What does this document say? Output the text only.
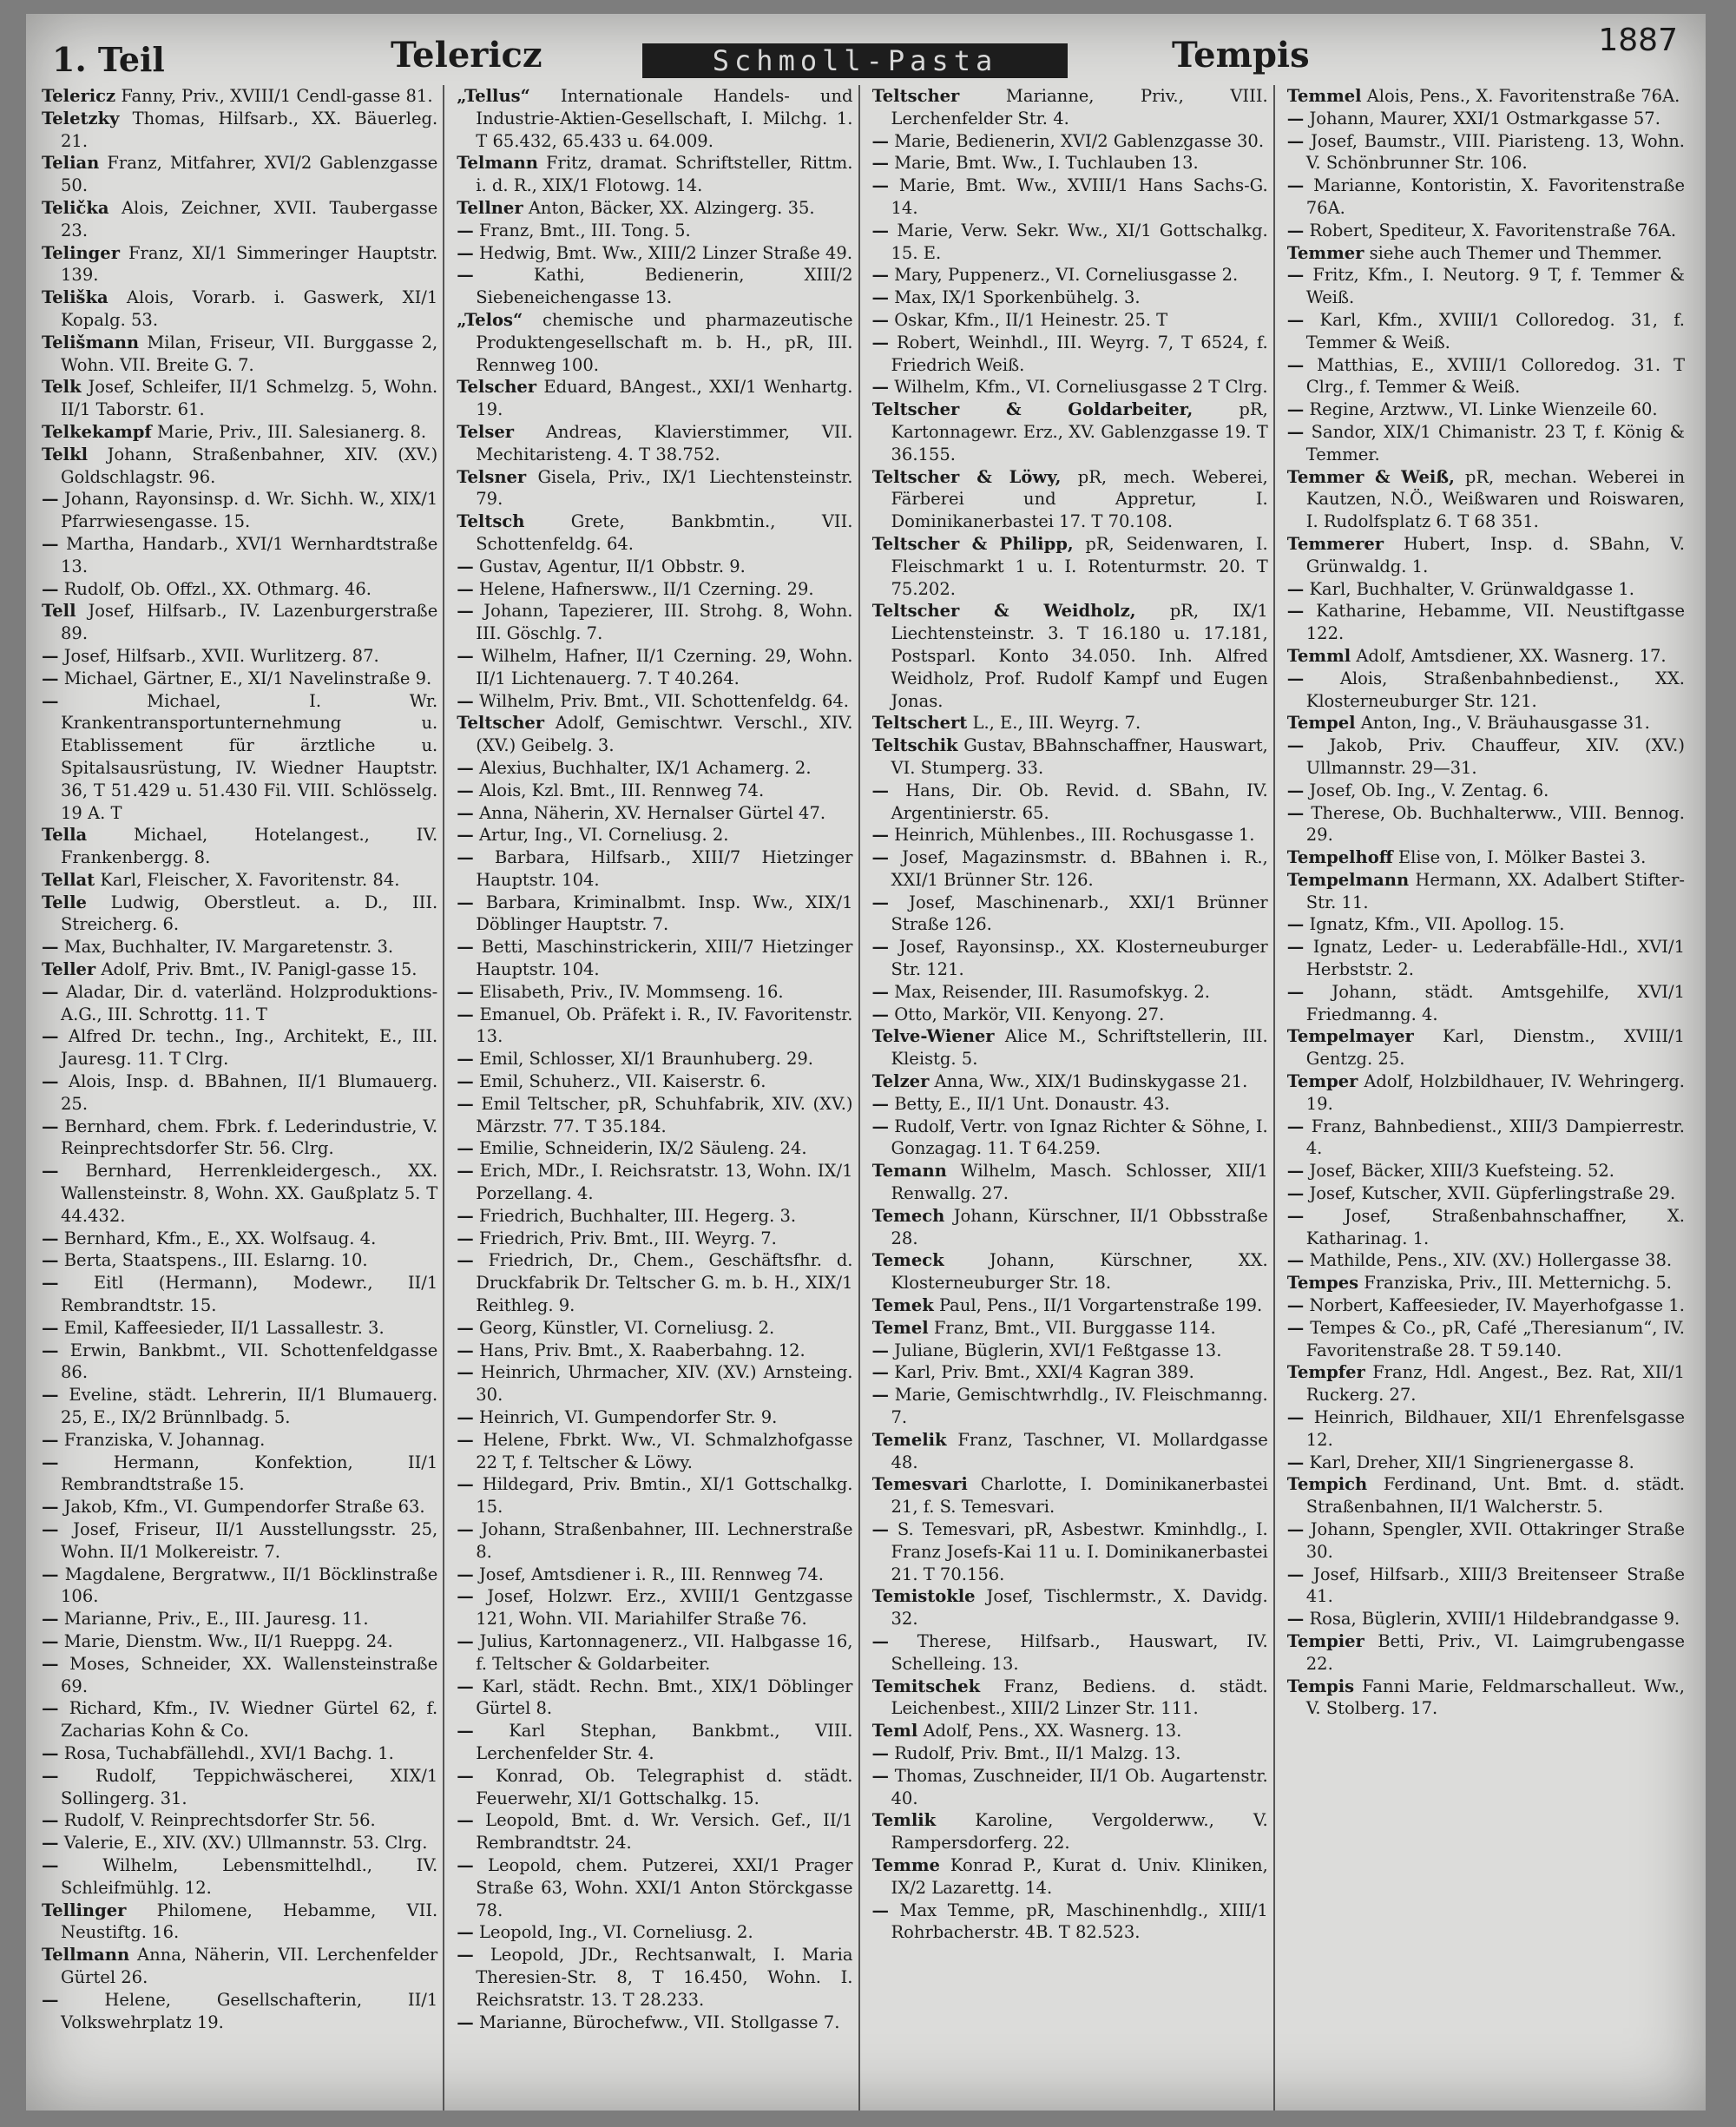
1. Teil	Telericz	Schmoll-Pasta	Tempis	1887
Telericz Fanny, Priv., XVIII/1 Cendl-gasse 81.
Teletzky Thomas, Hilfsarb., XX. Bäuerleg. 21.
Telian Franz, Mitfahrer, XVI/2 Gablenzgasse 50.
Telička Alois, Zeichner, XVII. Taubergasse 23.
Telinger Franz, XI/1 Simmeringer Hauptstr. 139.
Teliška Alois, Vorarb. i. Gaswerk, XI/1 Kopalg. 53.
Telišmann Milan, Friseur, VII. Burggasse 2, Wohn. VII. Breite G. 7.
Telk Josef, Schleifer, II/1 Schmelzg. 5, Wohn. II/1 Taborstr. 61.
Telkekampf Marie, Priv., III. Salesianerg. 8.
Telkl Johann, Straßenbahner, XIV. (XV.) Goldschlagstr. 96.
— Johann, Rayonsinsp. d. Wr. Sichh. W., XIX/1 Pfarrwiesengasse. 15.
— Martha, Handarb., XVI/1 Wernhardtstraße 13.
— Rudolf, Ob. Offzl., XX. Othmarg. 46.
Tell Josef, Hilfsarb., IV. Lazenburgerstraße 89.
— Josef, Hilfsarb., XVII. Wurlitzerg. 87.
— Michael, Gärtner, E., XI/1 Navelinstraße 9.
—	Michael, I. Wr. Krankentransportunternehmung u. Etablissement für ärztliche u. Spitalsausrüstung, IV. Wiedner Hauptstr. 36, T 51.429 u. 51.430 Fil. VIII. Schlösselg. 19 A. T
Tella	Michael, Hotelangest., IV. Frankenbergg. 8.
Tellat Karl, Fleischer, X. Favoritenstr. 84.
Telle Ludwig, Oberstleut. a. D., III. Streicherg. 6.
— Max, Buchhalter, IV. Margaretenstr. 3.
Teller Adolf, Priv. Bmt., IV. Panigl-gasse 15.
— Aladar, Dir. d. vaterländ. Holzproduktions-A.G., III. Schrottg. 11. T
— Alfred Dr. techn., Ing., Architekt, E., III. Jauresg. 11. T Clrg.
— Alois, Insp. d. BBahnen, II/1 Blumauerg. 25.
— Bernhard, chem. Fbrk. f. Lederindustrie, V. Reinprechtsdorfer Str. 56. Clrg.
— Bernhard, Herrenkleidergesch., XX. Wallensteinstr. 8, Wohn. XX. Gaußplatz 5. T 44.432.
— Bernhard, Kfm., E., XX. Wolfsaug. 4.
— Berta, Staatspens., III. Eslarng. 10.
— Eitl (Hermann), Modewr., II/1 Rembrandtstr. 15.
— Emil, Kaffeesieder, II/1 Lassallestr. 3.
— Erwin, Bankbmt., VII. Schottenfeldgasse 86.
— Eveline, städt. Lehrerin, II/1 Blumauerg. 25, E., IX/2 Brünnlbadg. 5.
— Franziska, V. Johannag.
—	Hermann, Konfektion, II/1 Rembrandtstraße 15.
— Jakob, Kfm., VI. Gumpendorfer Straße 63.
— Josef, Friseur, II/1 Ausstellungsstr. 25, Wohn. II/1 Molkereistr. 7.
— Magdalene, Bergratww., II/1 Böcklinstraße 106.
— Marianne, Priv., E., III. Jauresg. 11.
— Marie, Dienstm. Ww., II/1 Rueppg. 24.
— Moses, Schneider, XX. Wallensteinstraße 69.
— Richard, Kfm., IV. Wiedner Gürtel 62, f. Zacharias Kohn & Co.
— Rosa, Tuchabfällehdl., XVI/1 Bachg. 1.
— Rudolf, Teppichwäscherei, XIX/1 Sollingerg. 31.
— Rudolf, V. Reinprechtsdorfer Str. 56.
— Valerie, E., XIV. (XV.) Ullmannstr. 53. Clrg.
—	Wilhelm, Lebensmittelhdl., IV. Schleifmühlg. 12.
Tellinger Philomene, Hebamme, VII. Neustiftg. 16.
Tellmann Anna, Näherin, VII. Lerchenfelder Gürtel 26.
—	Helene, Gesellschafterin, II/1 Volkswehrplatz 19.
„Tellus“ Internationale Handels- und Industrie-Aktien-Gesellschaft, I. Milchg. 1. T 65.432, 65.433 u. 64.009.
Telmann Fritz, dramat. Schriftsteller, Rittm. i. d. R., XIX/1 Flotowg. 14.
Tellner Anton, Bäcker, XX. Alzingerg. 35.
— Franz, Bmt., III. Tong. 5.
— Hedwig, Bmt. Ww., XIII/2 Linzer Straße 49.
—	Kathi, Bedienerin, XIII/2 Siebeneichengasse 13.
„Telos“ chemische und pharmazeutische Produktengesellschaft m. b. H., pR, III. Rennweg 100.
Telscher Eduard, BAngest., XXI/1 Wenhartg. 19.
Telser Andreas, Klavierstimmer, VII. Mechitaristeng. 4. T 38.752.
Telsner Gisela, Priv., IX/1 Liechtensteinstr. 79.
Teltsch	Grete, Bankbmtin., VII. Schottenfeldg. 64.
— Gustav, Agentur, II/1 Obbstr. 9.
— Helene, Hafnersww., II/1 Czerning. 29.
— Johann, Tapezierer, III. Strohg. 8, Wohn. III. Göschlg. 7.
— Wilhelm, Hafner, II/1 Czerning. 29, Wohn. II/1 Lichtenauerg. 7. T 40.264.
— Wilhelm, Priv. Bmt., VII. Schottenfeldg. 64.
Teltscher Adolf, Gemischtwr. Verschl., XIV. (XV.) Geibelg. 3.
— Alexius, Buchhalter, IX/1 Achamerg. 2.
— Alois, Kzl. Bmt., III. Rennweg 74.
— Anna, Näherin, XV. Hernalser Gürtel 47.
— Artur, Ing., VI. Corneliusg. 2.
— Barbara, Hilfsarb., XIII/7 Hietzinger Hauptstr. 104.
— Barbara, Kriminalbmt. Insp. Ww., XIX/1 Döblinger Hauptstr. 7.
— Betti, Maschinstrickerin, XIII/7 Hietzinger Hauptstr. 104.
— Elisabeth, Priv., IV. Mommseng. 16.
— Emanuel, Ob. Präfekt i. R., IV. Favoritenstr. 13.
— Emil, Schlosser, XI/1 Braunhuberg. 29.
— Emil, Schuherz., VII. Kaiserstr. 6.
— Emil Teltscher, pR, Schuhfabrik, XIV. (XV.) Märzstr. 77. T 35.184.
— Emilie, Schneiderin, IX/2 Säuleng. 24.
— Erich, MDr., I. Reichsratstr. 13, Wohn. IX/1 Porzellang. 4.
— Friedrich, Buchhalter, III. Hegerg. 3.
— Friedrich, Priv. Bmt., III. Weyrg. 7.
— Friedrich, Dr., Chem., Geschäftsfhr. d. Druckfabrik Dr. Teltscher G. m. b. H., XIX/1 Reithleg. 9.
— Georg, Künstler, VI. Corneliusg. 2.
— Hans, Priv. Bmt., X. Raaberbahng. 12.
— Heinrich, Uhrmacher, XIV. (XV.) Arnsteing. 30.
— Heinrich, VI. Gumpendorfer Str. 9.
— Helene, Fbrkt. Ww., VI. Schmalzhofgasse 22 T, f. Teltscher & Löwy.
— Hildegard, Priv. Bmtin., XI/1 Gottschalkg. 15.
— Johann, Straßenbahner, III. Lechnerstraße 8.
— Josef, Amtsdiener i. R., III. Rennweg 74.
— Josef, Holzwr. Erz., XVIII/1 Gentzgasse 121, Wohn. VII. Mariahilfer Straße 76.
— Julius, Kartonnagenerz., VII. Halbgasse 16, f. Teltscher & Goldarbeiter.
— Karl, städt. Rechn. Bmt., XIX/1 Döblinger Gürtel 8.
— Karl Stephan, Bankbmt., VIII. Lerchenfelder Str. 4.
— Konrad, Ob. Telegraphist d. städt. Feuerwehr, XI/1 Gottschalkg. 15.
— Leopold, Bmt. d. Wr. Versich. Gef., II/1 Rembrandtstr. 24.
— Leopold, chem. Putzerei, XXI/1 Prager Straße 63, Wohn. XXI/1 Anton Störckgasse 78.
— Leopold, Ing., VI. Corneliusg. 2.
— Leopold, JDr., Rechtsanwalt, I. Maria Theresien-Str. 8, T 16.450, Wohn. I. Reichsratstr. 13. T 28.233.
— Marianne, Bürochefww., VII. Stollgasse 7.
Teltscher	Marianne, Priv., VIII. Lerchenfelder Str. 4.
— Marie, Bedienerin, XVI/2 Gablenzgasse 30.
— Marie, Bmt. Ww., I. Tuchlauben 13.
— Marie, Bmt. Ww., XVIII/1 Hans Sachs-G. 14.
— Marie, Verw. Sekr. Ww., XI/1 Gottschalkg. 15. E.
— Mary, Puppenerz., VI. Corneliusgasse 2.
— Max, IX/1 Sporkenbühelg. 3.
— Oskar, Kfm., II/1 Heinestr. 25. T
— Robert, Weinhdl., III. Weyrg. 7, T 6524, f. Friedrich Weiß.
— Wilhelm, Kfm., VI. Corneliusgasse 2 T Clrg.
Teltscher & Goldarbeiter,	pR, Kartonnagewr. Erz., XV. Gablenzgasse 19. T 36.155.
Teltscher & Löwy, pR, mech. Weberei, Färberei und Appretur, I. Dominikanerbastei 17. T 70.108.
Teltscher & Philipp, pR, Seidenwaren, I. Fleischmarkt 1 u. I. Rotenturmstr. 20. T 75.202.
Teltscher & Weidholz, pR, IX/1 Liechtensteinstr. 3. T 16.180 u. 17.181, Postsparl. Konto 34.050. Inh. Alfred Weidholz, Prof. Rudolf Kampf und Eugen Jonas.
Teltschert L., E., III. Weyrg. 7.
Teltschik Gustav, BBahnschaffner, Hauswart, VI. Stumperg. 33.
— Hans, Dir. Ob. Revid. d. SBahn, IV. Argentinierstr. 65.
— Heinrich, Mühlenbes., III. Rochusgasse 1.
— Josef, Magazinsmstr. d. BBahnen i. R., XXI/1 Brünner Str. 126.
— Josef, Maschinenarb., XXI/1 Brünner Straße 126.
— Josef, Rayonsinsp., XX. Klosterneuburger Str. 121.
— Max, Reisender, III. Rasumofskyg. 2.
— Otto, Markör, VII. Kenyong. 27.
Telve-Wiener Alice M., Schriftstellerin, III. Kleistg. 5.
Telzer Anna, Ww., XIX/1 Budinskygasse 21.
— Betty, E., II/1 Unt. Donaustr. 43.
— Rudolf, Vertr. von Ignaz Richter & Söhne, I. Gonzagag. 11. T 64.259.
Temann Wilhelm, Masch. Schlosser, XII/1 Renwallg. 27.
Temech Johann, Kürschner, II/1 Obbsstraße 28.
Temeck	Johann, Kürschner, XX. Klosterneuburger Str. 18.
Temek Paul, Pens., II/1 Vorgartenstraße 199.
Temel Franz, Bmt., VII. Burggasse 114.
— Juliane, Büglerin, XVI/1 Feßtgasse 13.
— Karl, Priv. Bmt., XXI/4 Kagran 389.
— Marie, Gemischtwrhdlg., IV. Fleischmanng. 7.
Temelik Franz, Taschner, VI. Mollardgasse 48.
Temesvari Charlotte, I. Dominikanerbastei 21, f. S. Temesvari.
— S. Temesvari, pR, Asbestwr. Kminhdlg., I. Franz Josefs-Kai 11 u. I. Dominikanerbastei 21. T 70.156.
Temistokle Josef, Tischlermstr., X. Davidg. 32.
— Therese, Hilfsarb., Hauswart, IV. Schelleing. 13.
Temitschek Franz, Bediens. d. städt. Leichenbest., XIII/2 Linzer Str. 111.
Teml Adolf, Pens., XX. Wasnerg. 13.
— Rudolf, Priv. Bmt., II/1 Malzg. 13.
— Thomas, Zuschneider, II/1 Ob. Augartenstr. 40.
Temlik Karoline, Vergolderww., V. Rampersdorferg. 22.
Temme Konrad P., Kurat d. Univ. Kliniken, IX/2 Lazarettg. 14.
— Max Temme, pR, Maschinenhdlg., XIII/1 Rohrbacherstr. 4B. T 82.523.
Temmel Alois, Pens., X. Favoritenstraße 76A.
— Johann, Maurer, XXI/1 Ostmarkgasse 57.
— Josef, Baumstr., VIII. Piaristeng. 13, Wohn. V. Schönbrunner Str. 106.
— Marianne, Kontoristin, X. Favoritenstraße 76A.
— Robert, Spediteur, X. Favoritenstraße 76A.
Temmer siehe auch Themer und Themmer.
— Fritz, Kfm., I. Neutorg. 9 T, f. Temmer & Weiß.
— Karl, Kfm., XVIII/1 Colloredog. 31, f. Temmer & Weiß.
— Matthias, E., XVIII/1 Colloredog. 31. T Clrg., f. Temmer & Weiß.
— Regine, Arztww., VI. Linke Wienzeile 60.
— Sandor, XIX/1 Chimanistr. 23 T, f. König & Temmer.
Temmer & Weiß, pR, mechan. Weberei in Kautzen, N.Ö., Weißwaren und Roiswaren, I. Rudolfsplatz 6. T 68 351.
Temmerer Hubert, Insp. d. SBahn, V. Grünwaldg. 1.
— Karl, Buchhalter, V. Grünwaldgasse 1.
— Katharine, Hebamme, VII. Neustiftgasse 122.
Temml Adolf, Amtsdiener, XX. Wasnerg. 17.
— Alois, Straßenbahnbedienst., XX. Klosterneuburger Str. 121.
Tempel Anton, Ing., V. Bräuhausgasse 31.
— Jakob, Priv. Chauffeur, XIV. (XV.) Ullmannstr. 29—31.
— Josef, Ob. Ing., V. Zentag. 6.
— Therese, Ob. Buchhalterww., VIII. Bennog. 29.
Tempelhoff Elise von, I. Mölker Bastei 3.
Tempelmann Hermann, XX. Adalbert Stifter-Str. 11.
— Ignatz, Kfm., VII. Apollog. 15.
— Ignatz, Leder- u. Lederabfälle-Hdl., XVI/1 Herbststr. 2.
— Johann, städt. Amtsgehilfe, XVI/1 Friedmanng. 4.
Tempelmayer Karl, Dienstm., XVIII/1 Gentzg. 25.
Temper Adolf, Holzbildhauer, IV. Wehringerg. 19.
— Franz, Bahnbedienst., XIII/3 Dampierrestr. 4.
— Josef, Bäcker, XIII/3 Kuefsteing. 52.
— Josef, Kutscher, XVII. Güpferlingstraße 29.
— Josef, Straßenbahnschaffner, X. Katharinag. 1.
— Mathilde, Pens., XIV. (XV.) Hollergasse 38.
Tempes Franziska, Priv., III. Metternichg. 5.
— Norbert, Kaffeesieder, IV. Mayerhofgasse 1.
— Tempes & Co., pR, Café „Theresianum“, IV. Favoritenstraße 28. T 59.140.
Tempfer Franz, Hdl. Angest., Bez. Rat, XII/1 Ruckerg. 27.
— Heinrich, Bildhauer, XII/1 Ehrenfelsgasse 12.
— Karl, Dreher, XII/1 Singrienergasse 8.
Tempich Ferdinand, Unt. Bmt. d. städt. Straßenbahnen, II/1 Walcherstr. 5.
— Johann, Spengler, XVII. Ottakringer Straße 30.
— Josef, Hilfsarb., XIII/3 Breitenseer Straße 41.
— Rosa, Büglerin, XVIII/1 Hildebrandgasse 9.
Tempier Betti, Priv., VI. Laimgrubengasse 22.
Tempis Fanni Marie, Feldmarschalleut. Ww., V. Stolberg. 17.
